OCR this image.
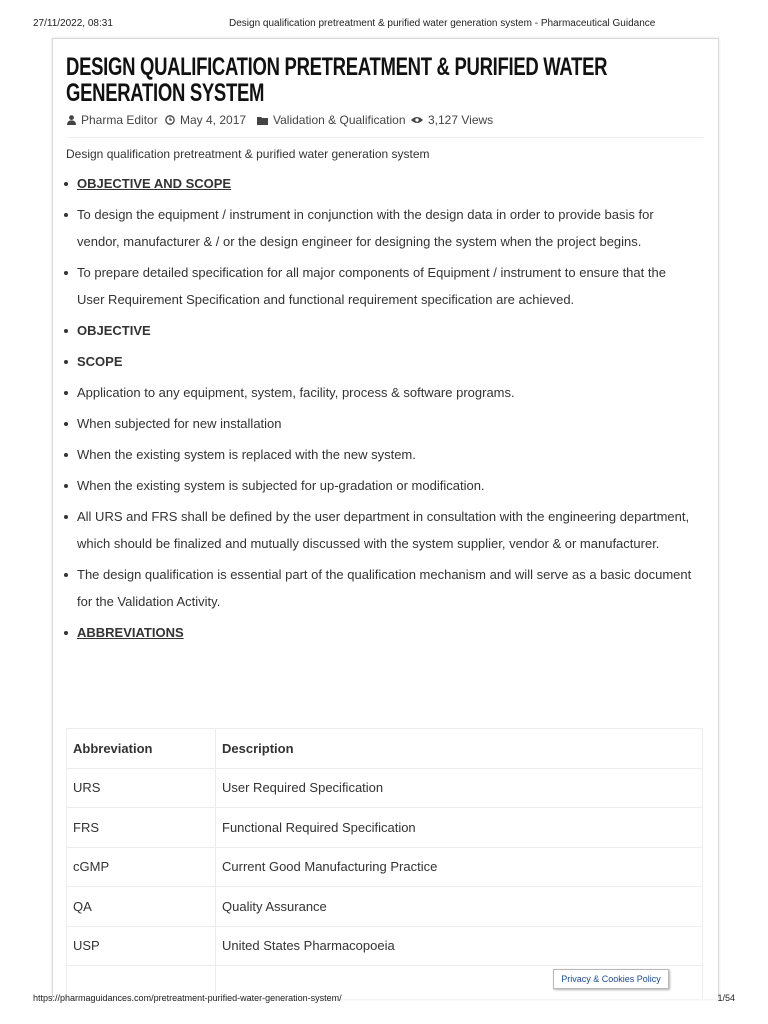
27/11/2022, 08:31	Design qualification pretreatment & purified water generation system - Pharmaceutical Guidance
DESIGN QUALIFICATION PRETREATMENT & PURIFIED WATER GENERATION SYSTEM
Pharma Editor May 4, 2017 Validation & Qualification 3,127 Views
Design qualification pretreatment & purified water generation system
OBJECTIVE AND SCOPE
To design the equipment / instrument in conjunction with the design data in order to provide basis for vendor, manufacturer & / or the design engineer for designing the system when the project begins.
To prepare detailed specification for all major components of Equipment / instrument to ensure that the User Requirement Specification and functional requirement specification are achieved.
OBJECTIVE
SCOPE
Application to any equipment, system, facility, process & software programs.
When subjected for new installation
When the existing system is replaced with the new system.
When the existing system is subjected for up-gradation or modification.
All URS and FRS shall be defined by the user department in consultation with the engineering department, which should be finalized and mutually discussed with the system supplier, vendor & or manufacturer.
The design qualification is essential part of the qualification mechanism and will serve as a basic document for the Validation Activity.
ABBREVIATIONS
Abbreviation	Description
URS	User Required Specification
FRS	Functional Required Specification
cGMP	Current Good Manufacturing Practice
QA	Quality Assurance
USP	United States Pharmacopoeia

Privacy & Cookies Policy
https://pharmaguidances.com/pretreatment-purified-water-generation-system/	1/54
